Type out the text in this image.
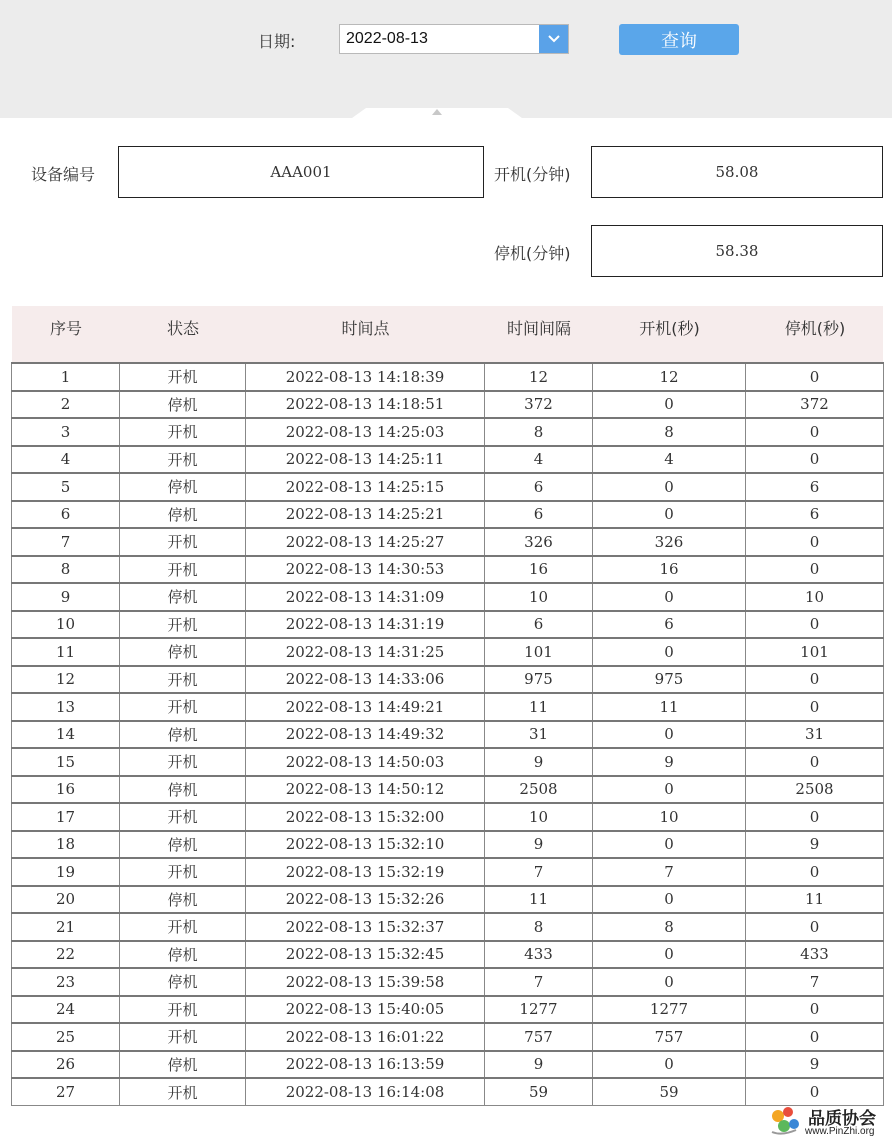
日期:	2022-08-13	查询
设备编号	AAA001	开机(分钟)	58.08
停机(分钟)	58.38
序号	状态	时间点	时间间隔	开机(秒)	停机(秒)
1	开机	2022-08-13 14:18:39	12	12	0
2	停机	2022-08-13 14:18:51	372	0	372
3	开机	2022-08-13 14:25:03	8	8	0
4	开机	2022-08-13 14:25:11	4	4	0
5	停机	2022-08-13 14:25:15	6	0	6
6	停机	2022-08-13 14:25:21	6	0	6
7	开机	2022-08-13 14:25:27	326	326	0
8	开机	2022-08-13 14:30:53	16	16	0
9	停机	2022-08-13 14:31:09	10	0	10
10	开机	2022-08-13 14:31:19	6	6	0
11	停机	2022-08-13 14:31:25	101	0	101
12	开机	2022-08-13 14:33:06	975	975	0
13	开机	2022-08-13 14:49:21	11	11	0
14	停机	2022-08-13 14:49:32	31	0	31
15	开机	2022-08-13 14:50:03	9	9	0
16	停机	2022-08-13 14:50:12	2508	0	2508
17	开机	2022-08-13 15:32:00	10	10	0
18	停机	2022-08-13 15:32:10	9	0	9
19	开机	2022-08-13 15:32:19	7	7	0
20	停机	2022-08-13 15:32:26	11	0	11
21	开机	2022-08-13 15:32:37	8	8	0
22	停机	2022-08-13 15:32:45	433	0	433
23	停机	2022-08-13 15:39:58	7	0	7
24	开机	2022-08-13 15:40:05	1277	1277	0
25	开机	2022-08-13 16:01:22	757	757	0
26	停机	2022-08-13 16:13:59	9	0	9
27	开机	2022-08-13 16:14:08	59	59	0
品质协会
www.PinZhi.org
